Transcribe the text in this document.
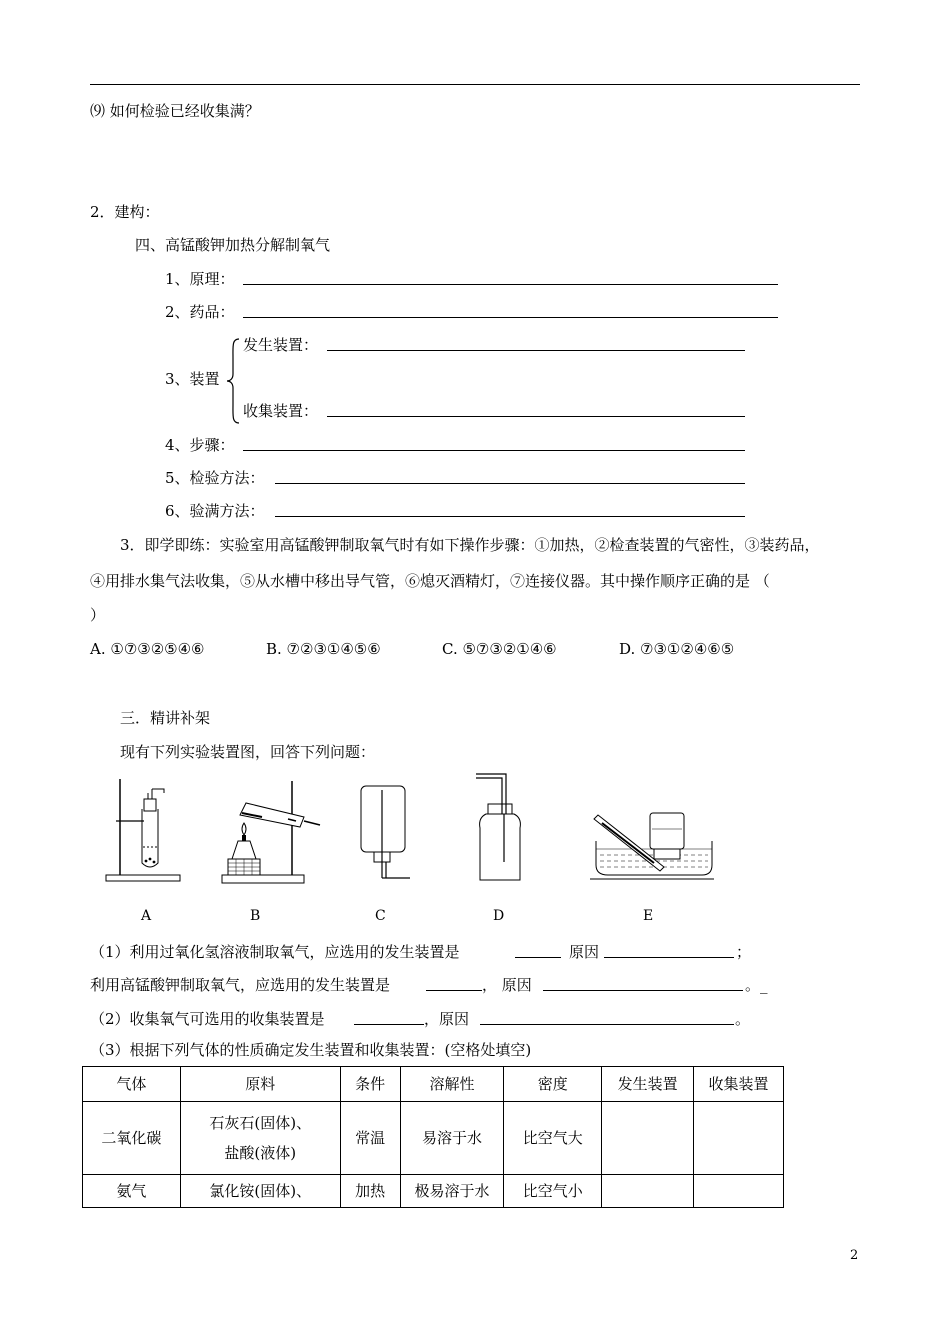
⑼ 如何检验已经收集满？
2．建构：
四、高锰酸钾加热分解制氧气
1、原理：
2、药品：
发生装置：
3、装置
收集装置：
4、步骤：
5、检验方法：
6、验满方法：
3．即学即练：实验室用高锰酸钾制取氧气时有如下操作步骤：①加热，②检查装置的气密性，③装药品，
④用排水集气法收集，⑤从水槽中移出导气管，⑥熄灭酒精灯，⑦连接仪器。其中操作顺序正确的是 （
）
A. ①⑦③②⑤④⑥	B. ⑦②③①④⑤⑥	C. ⑤⑦③②①④⑥	D. ⑦③①②④⑥⑤
三．精讲补架
现有下列实验装置图，回答下列问题：
A	B	C	D	E
（1）利用过氧化氢溶液制取氧气，应选用的发生装置是	原因	；
利用高锰酸钾制取氧气，应选用的发生装置是	， 原因	。_
（2）收集氧气可选用的收集装置是	，原因	。
（3）根据下列气体的性质确定发生装置和收集装置：(空格处填空)
气体	原料	条件	溶解性	密度	发生装置	收集装置
二氧化碳	石灰石(固体)、
盐酸(液体)	常温	易溶于水	比空气大		
氨气	氯化铵(固体)、	加热	极易溶于水	比空气小		
2
